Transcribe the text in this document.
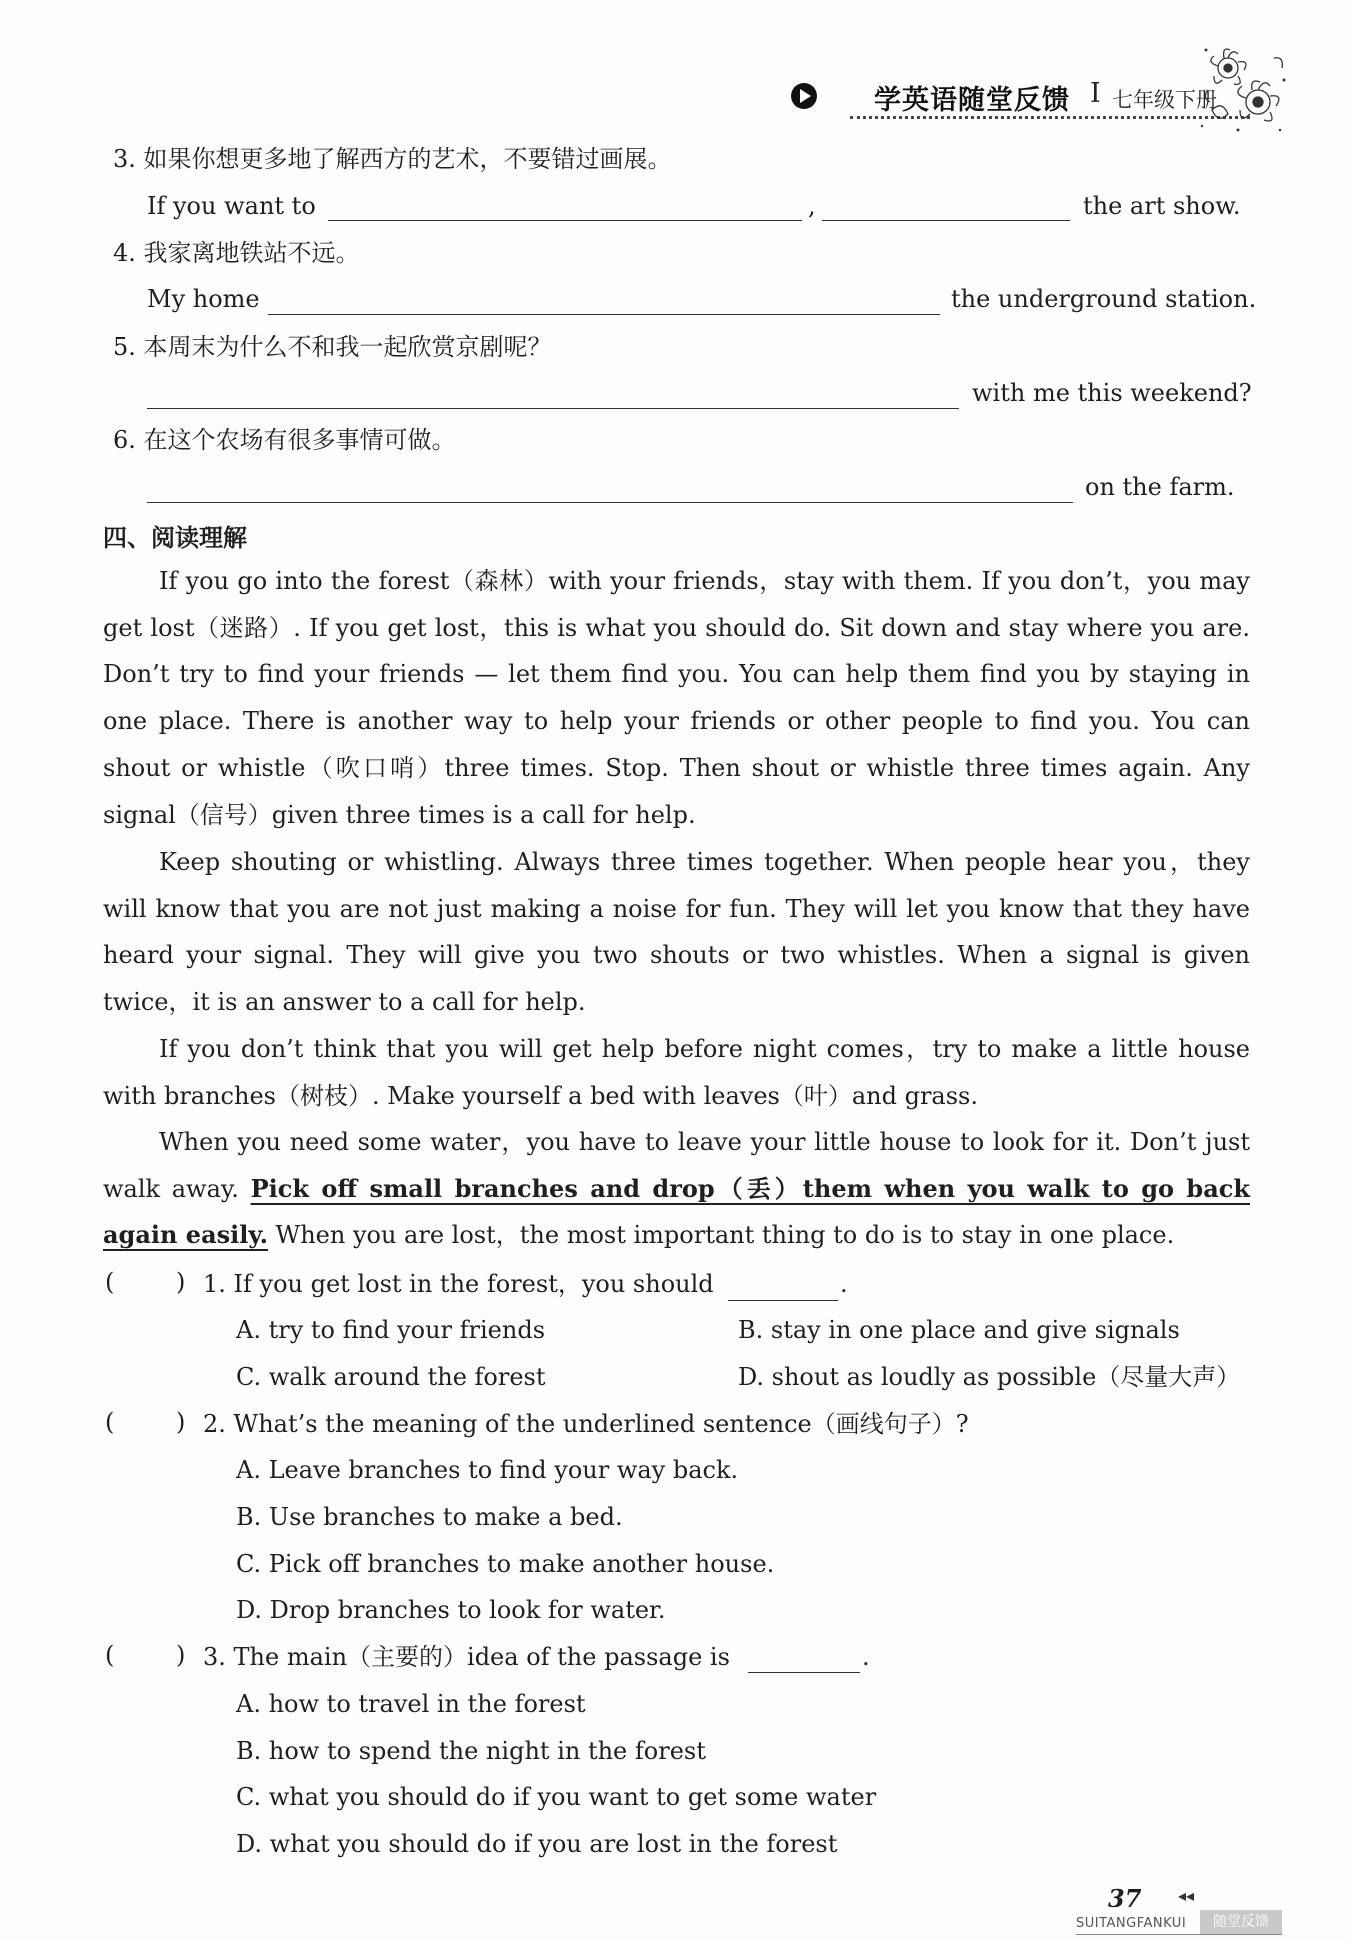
学英语随堂反馈 I 七年级下册
3. 如果你想更多地了解西方的艺术，不要错过画展。
If you want to	,	the art show.
4. 我家离地铁站不远。
My home	the underground station.
5. 本周末为什么不和我一起欣赏京剧呢？
with me this weekend?
6. 在这个农场有很多事情可做。
on the farm.
四、阅读理解
If you go into the forest（森林）with your friends，stay with them. If you don’t，you may get lost（迷路）. If you get lost，this is what you should do. Sit down and stay where you are. Don’t try to find your friends — let them find you. You can help them find you by staying in one place. There is another way to help your friends or other people to find you. You can shout or whistle（吹口哨）three times. Stop. Then shout or whistle three times again. Any signal（信号）given three times is a call for help.
Keep shouting or whistling. Always three times together. When people hear you，they will know that you are not just making a noise for fun. They will let you know that they have heard your signal. They will give you two shouts or two whistles. When a signal is given twice，it is an answer to a call for help.
If you don’t think that you will get help before night comes，try to make a little house with branches（树枝）. Make yourself a bed with leaves（叶）and grass.
When you need some water，you have to leave your little house to look for it. Don’t just walk away. Pick off small branches and drop（丢）them when you walk to go back again easily. When you are lost，the most important thing to do is to stay in one place.
(	) 1. If you get lost in the forest，you should	.
A. try to find your friends	B. stay in one place and give signals
C. walk around the forest	D. shout as loudly as possible（尽量大声）
(	) 2. What’s the meaning of the underlined sentence（画线句子）?
A. Leave branches to find your way back.
B. Use branches to make a bed.
C. Pick off branches to make another house.
D. Drop branches to look for water.
(	) 3. The main（主要的）idea of the passage is	.
A. how to travel in the forest
B. how to spend the night in the forest
C. what you should do if you want to get some water
D. what you should do if you are lost in the forest
37 ◂◂
SUITANGFANKUI	随堂反馈
